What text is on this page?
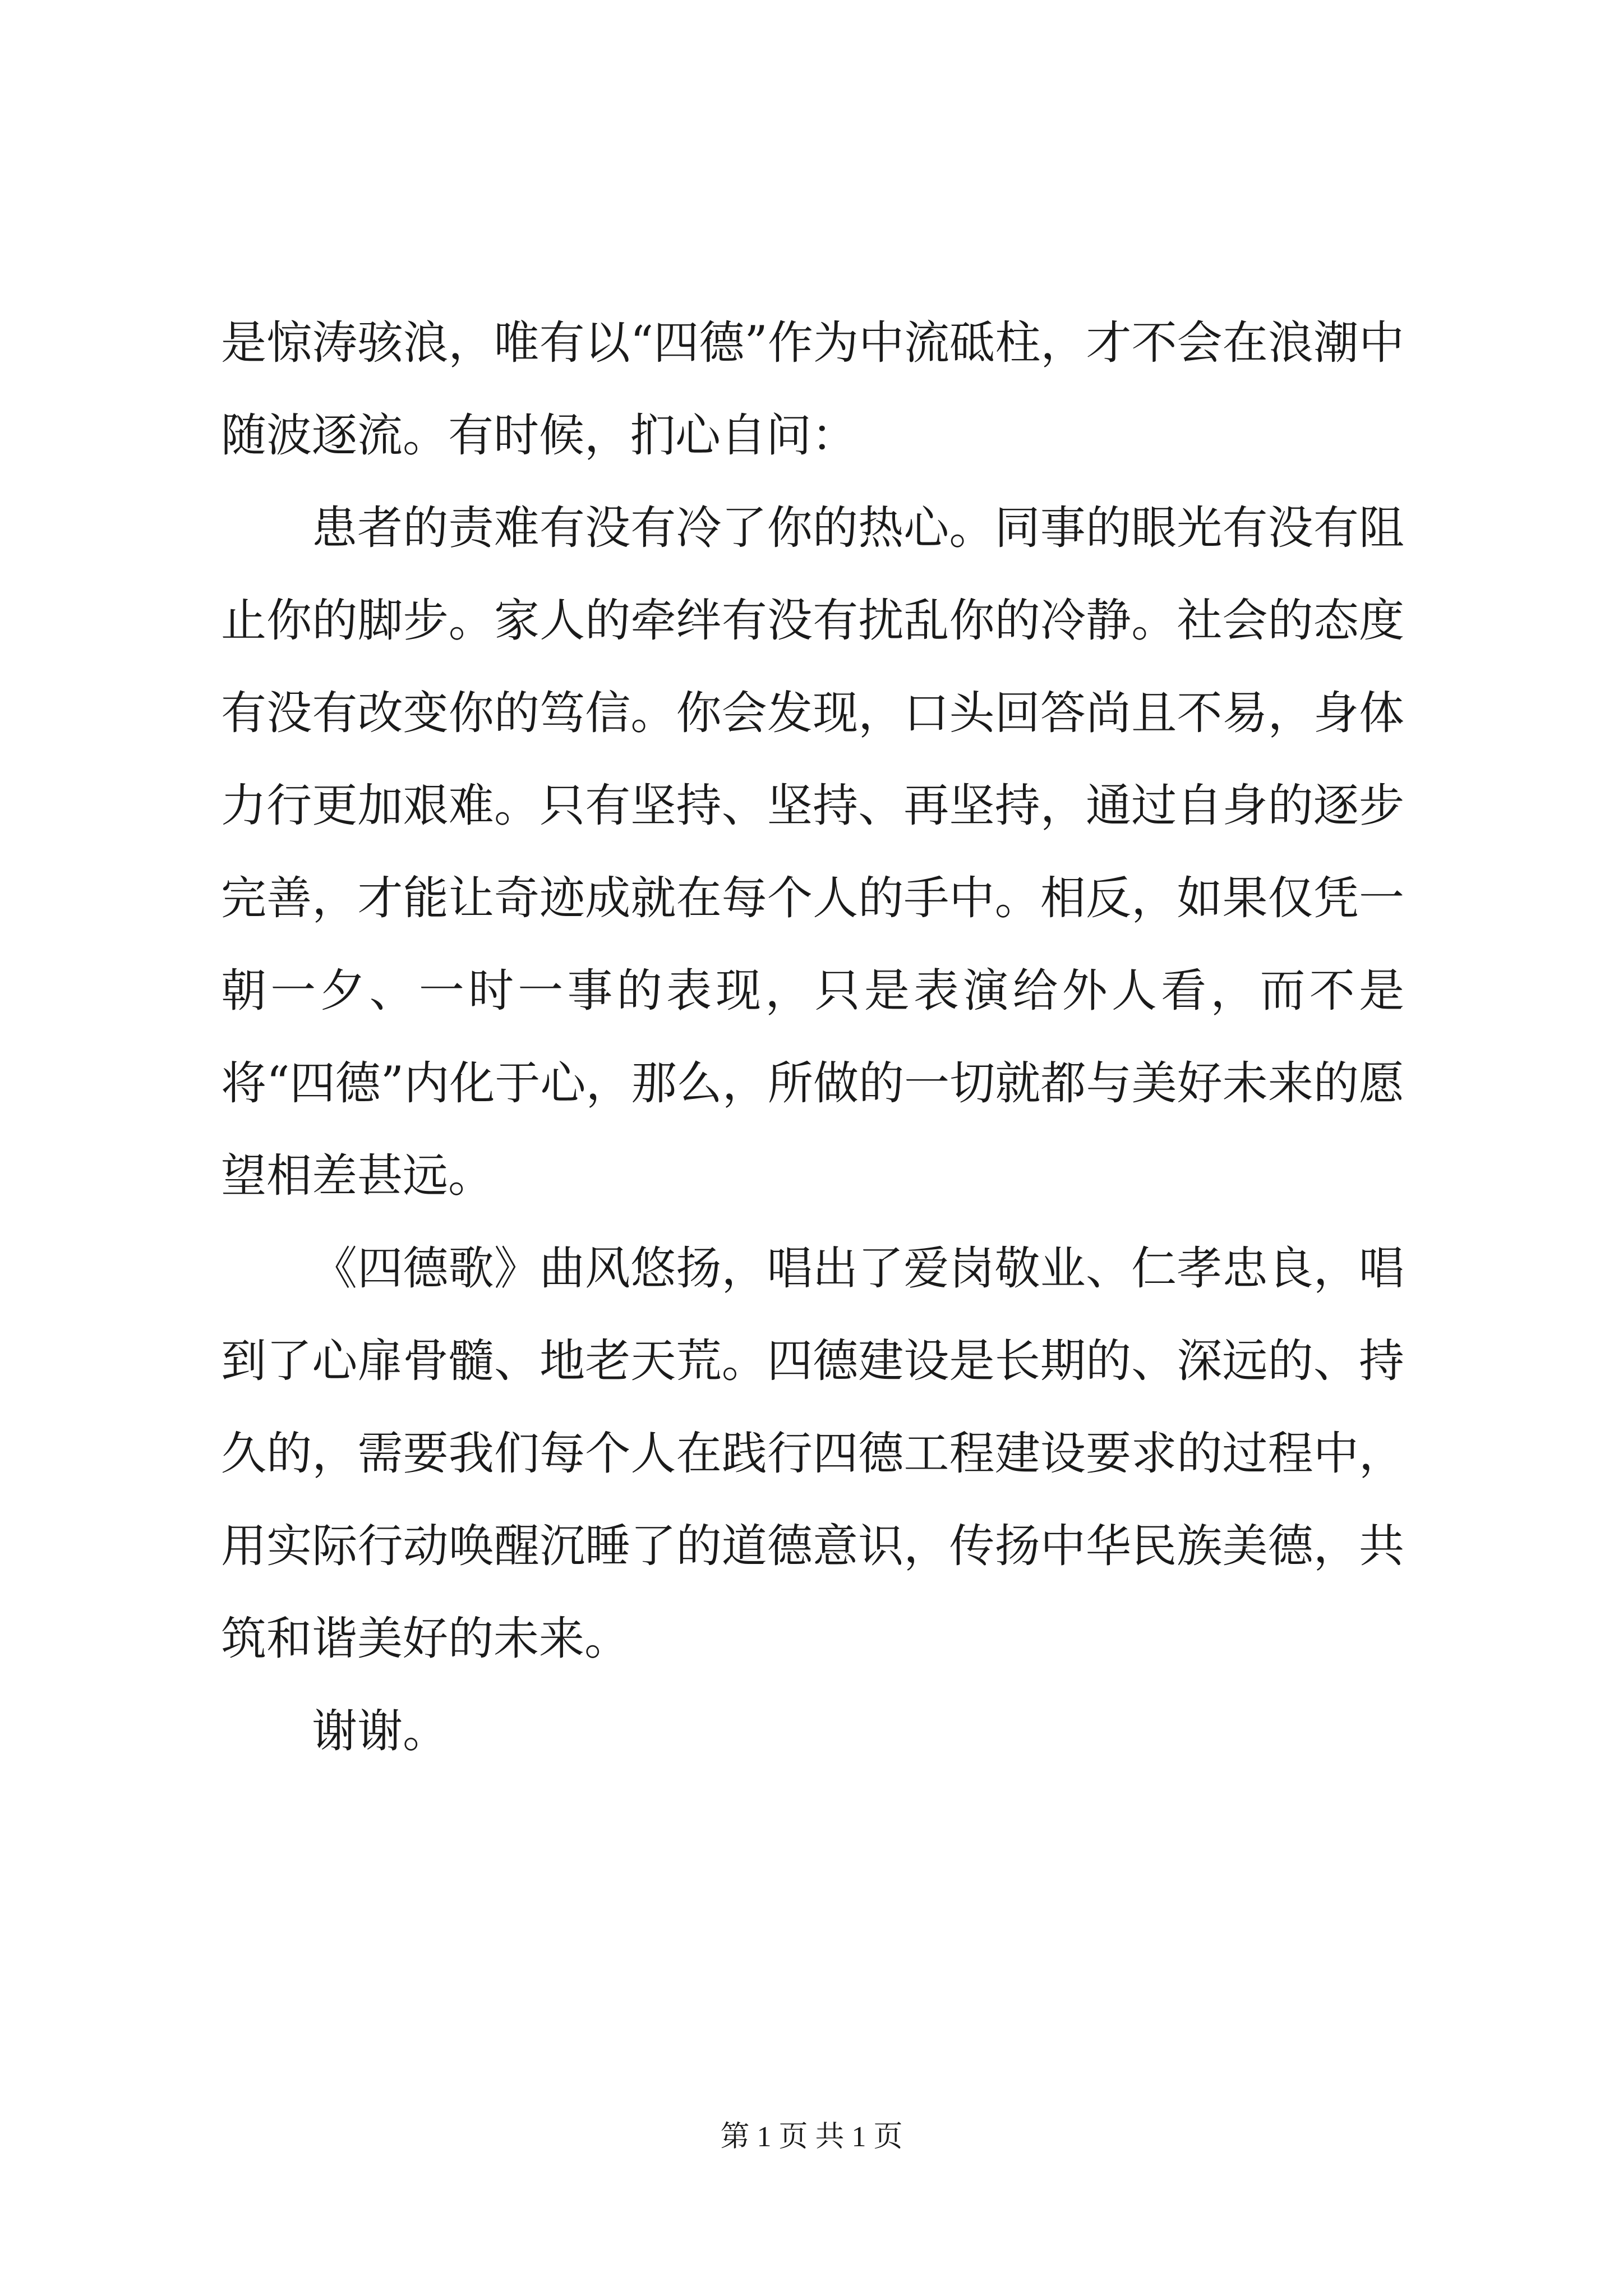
是惊涛骇浪，唯有以“四德”作为中流砥柱，才不会在浪潮中随波逐流。有时候，扪心自问：

患者的责难有没有冷了你的热心。同事的眼光有没有阻止你的脚步。家人的牵绊有没有扰乱你的冷静。社会的态度有没有改变你的笃信。你会发现，口头回答尚且不易，身体力行更加艰难。只有坚持、坚持、再坚持，通过自身的逐步完善，才能让奇迹成就在每个人的手中。相反，如果仅凭一朝一夕、一时一事的表现，只是表演给外人看，而不是将“四德”内化于心，那么，所做的一切就都与美好未来的愿望相差甚远。

《四德歌》曲风悠扬，唱出了爱岗敬业、仁孝忠良，唱到了心扉骨髓、地老天荒。四德建设是长期的、深远的、持久的，需要我们每个人在践行四德工程建设要求的过程中，用实际行动唤醒沉睡了的道德意识，传扬中华民族美德，共筑和谐美好的未来。

谢谢。

第 1 页 共 1 页
